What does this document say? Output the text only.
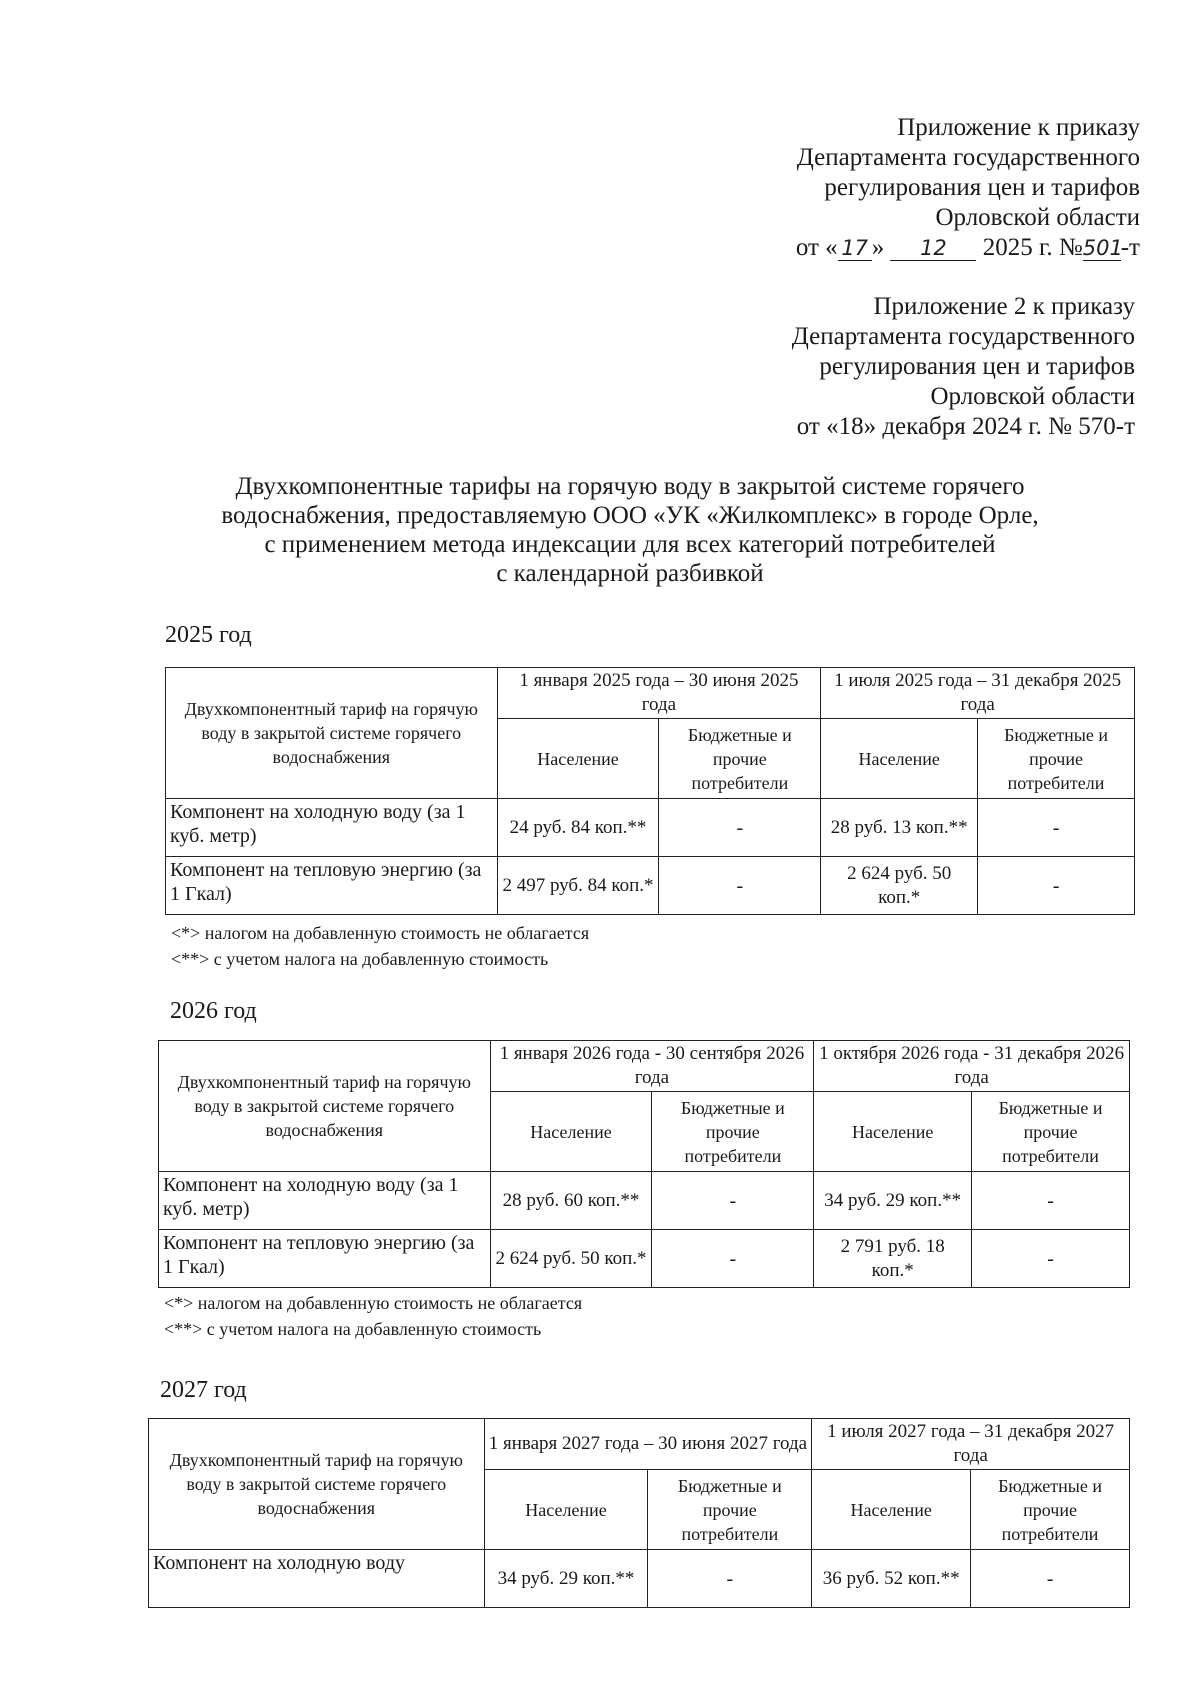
Приложение к приказу
Департамента государственного
регулирования цен и тарифов
Орловской области
от « 17 » 12 2025 г. №501-т
Приложение 2 к приказу
Департамента государственного
регулирования цен и тарифов
Орловской области
от «18» декабря 2024 г. № 570-т
Двухкомпонентные тарифы на горячую воду в закрытой системе горячего
водоснабжения, предоставляемую ООО «УК «Жилкомплекс» в городе Орле,
с применением метода индексации для всех категорий потребителей
с календарной разбивкой
2025 год
Двухкомпонентный тариф на горячую воду в закрытой системе горячего водоснабжения	1 января 2025 года – 30 июня 2025 года		1 июля 2025 года – 31 декабря 2025 года	
	Население	Бюджетные и прочие потребители	Население	Бюджетные и прочие потребители
Компонент на холодную воду (за 1 куб. метр)	24 руб. 84 коп.**	-	28 руб. 13 коп.**	-
Компонент на тепловую энергию (за 1 Гкал)	2 497 руб. 84 коп.*	-	2 624 руб. 50 коп.*	-
<*> налогом на добавленную стоимость не облагается
<**> с учетом налога на добавленную стоимость
2026 год
Двухкомпонентный тариф на горячую воду в закрытой системе горячего водоснабжения	1 января 2026 года - 30 сентября 2026 года		1 октября 2026 года - 31 декабря 2026 года	
	Население	Бюджетные и прочие потребители	Население	Бюджетные и прочие потребители
Компонент на холодную воду (за 1 куб. метр)	28 руб. 60 коп.**	-	34 руб. 29 коп.**	-
Компонент на тепловую энергию (за 1 Гкал)	2 624 руб. 50 коп.*	-	2 791 руб. 18 коп.*	-
<*> налогом на добавленную стоимость не облагается
<**> с учетом налога на добавленную стоимость
2027 год
Двухкомпонентный тариф на горячую воду в закрытой системе горячего водоснабжения	1 января 2027 года – 30 июня 2027 года		1 июля 2027 года – 31 декабря 2027 года	
	Население	Бюджетные и прочие потребители	Население	Бюджетные и прочие потребители
Компонент на холодную воду	34 руб. 29 коп.**	-	36 руб. 52 коп.**	-
